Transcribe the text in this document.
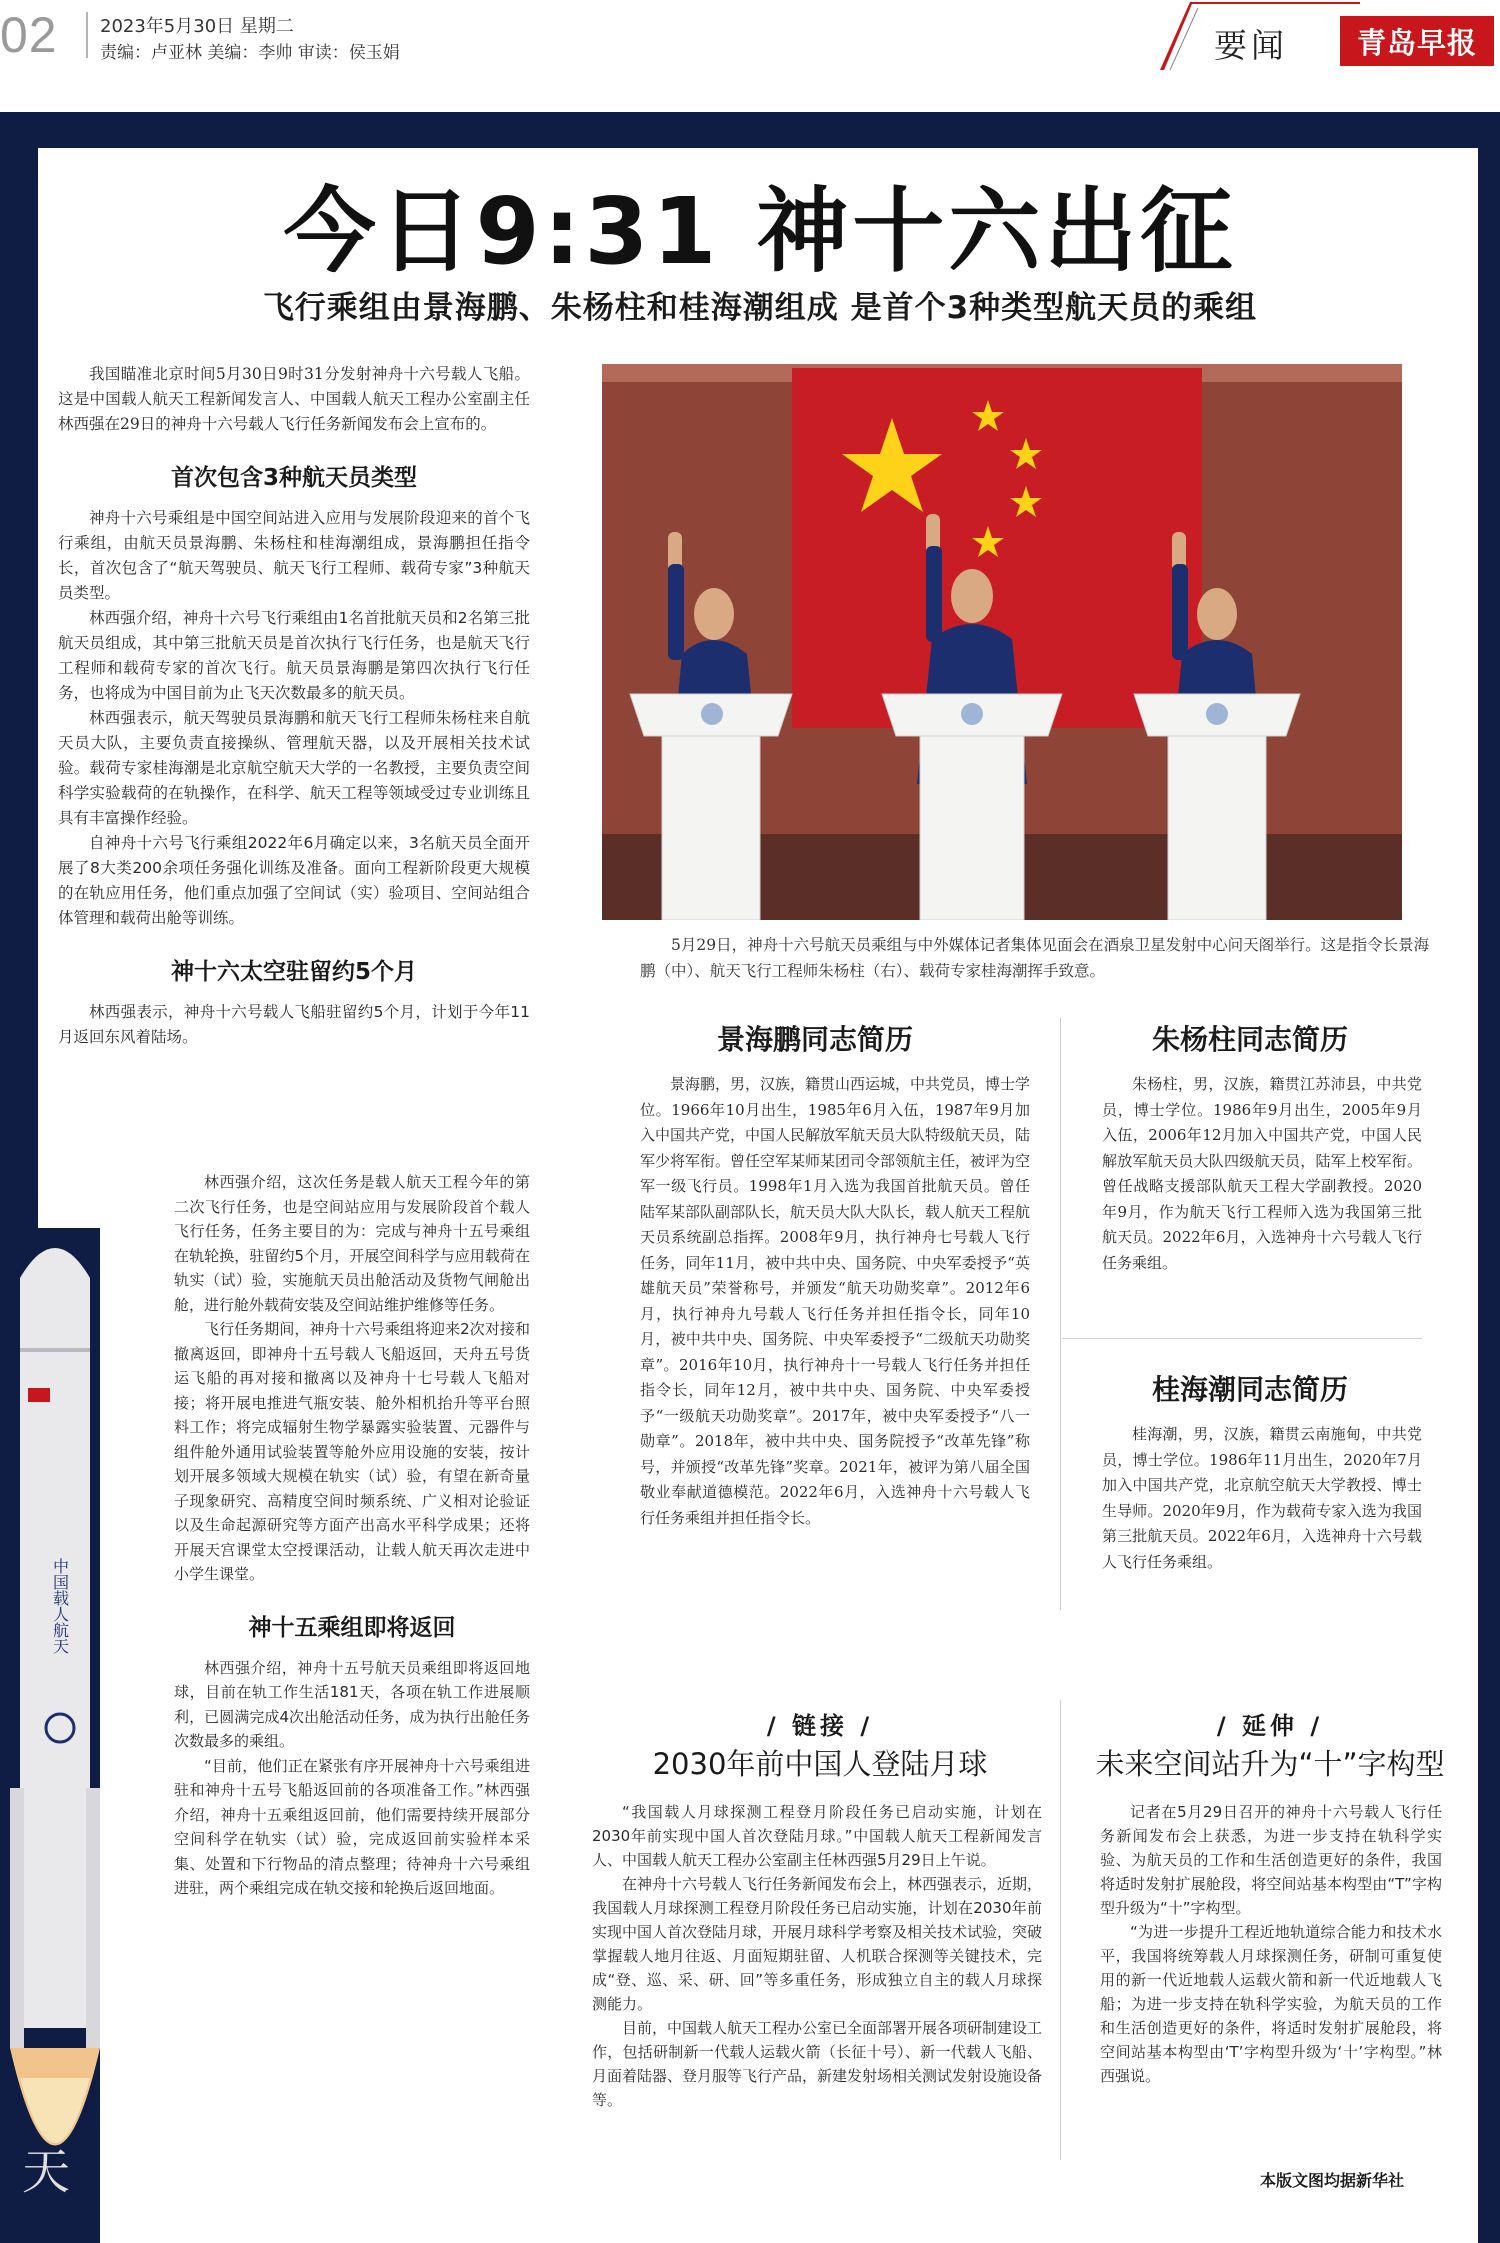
02 2023年5月30日 星期二
责编：卢亚林 美编：李帅 审读：侯玉娟	要闻	青岛早报
中国载人航天
天
今日9:31 神十六出征
飞行乘组由景海鹏、朱杨柱和桂海潮组成 是首个3种类型航天员的乘组

我国瞄准北京时间5月30日9时31分发射神舟十六号载人飞船。这是中国载人航天工程新闻发言人、中国载人航天工程办公室副主任林西强在29日的神舟十六号载人飞行任务新闻发布会上宣布的。

首次包含3种航天员类型

神舟十六号乘组是中国空间站进入应用与发展阶段迎来的首个飞行乘组，由航天员景海鹏、朱杨柱和桂海潮组成，景海鹏担任指令长，首次包含了“航天驾驶员、航天飞行工程师、载荷专家”3种航天员类型。

林西强介绍，神舟十六号飞行乘组由1名首批航天员和2名第三批航天员组成，其中第三批航天员是首次执行飞行任务，也是航天飞行工程师和载荷专家的首次飞行。航天员景海鹏是第四次执行飞行任务，也将成为中国目前为止飞天次数最多的航天员。

林西强表示，航天驾驶员景海鹏和航天飞行工程师朱杨柱来自航天员大队，主要负责直接操纵、管理航天器，以及开展相关技术试验。载荷专家桂海潮是北京航空航天大学的一名教授，主要负责空间科学实验载荷的在轨操作，在科学、航天工程等领域受过专业训练且具有丰富操作经验。

自神舟十六号飞行乘组2022年6月确定以来，3名航天员全面开展了8大类200余项任务强化训练及准备。面向工程新阶段更大规模的在轨应用任务，他们重点加强了空间试（实）验项目、空间站组合体管理和载荷出舱等训练。

神十六太空驻留约5个月

林西强表示，神舟十六号载人飞船驻留约5个月，计划于今年11月返回东风着陆场。

林西强介绍，这次任务是载人航天工程今年的第二次飞行任务，也是空间站应用与发展阶段首个载人飞行任务，任务主要目的为：完成与神舟十五号乘组在轨轮换，驻留约5个月，开展空间科学与应用载荷在轨实（试）验，实施航天员出舱活动及货物气闸舱出舱，进行舱外载荷安装及空间站维护维修等任务。

飞行任务期间，神舟十六号乘组将迎来2次对接和撤离返回，即神舟十五号载人飞船返回，天舟五号货运飞船的再对接和撤离以及神舟十七号载人飞船对接；将开展电推进气瓶安装、舱外相机抬升等平台照料工作；将完成辐射生物学暴露实验装置、元器件与组件舱外通用试验装置等舱外应用设施的安装，按计划开展多领域大规模在轨实（试）验，有望在新奇量子现象研究、高精度空间时频系统、广义相对论验证以及生命起源研究等方面产出高水平科学成果；还将开展天宫课堂太空授课活动，让载人航天再次走进中小学生课堂。

神十五乘组即将返回

林西强介绍，神舟十五号航天员乘组即将返回地球，目前在轨工作生活181天，各项在轨工作进展顺利，已圆满完成4次出舱活动任务，成为执行出舱任务次数最多的乘组。

“目前，他们正在紧张有序开展神舟十六号乘组进驻和神舟十五号飞船返回前的各项准备工作。”林西强介绍，神舟十五乘组返回前，他们需要持续开展部分空间科学在轨实（试）验，完成返回前实验样本采集、处置和下行物品的清点整理；待神舟十六号乘组进驻，两个乘组完成在轨交接和轮换后返回地面。

5月29日，神舟十六号航天员乘组与中外媒体记者集体见面会在酒泉卫星发射中心问天阁举行。这是指令长景海鹏（中）、航天飞行工程师朱杨柱（右）、载荷专家桂海潮挥手致意。
景海鹏同志简历

景海鹏，男，汉族，籍贯山西运城，中共党员，博士学位。1966年10月出生，1985年6月入伍，1987年9月加入中国共产党，中国人民解放军航天员大队特级航天员，陆军少将军衔。曾任空军某师某团司令部领航主任，被评为空军一级飞行员。1998年1月入选为我国首批航天员。曾任陆军某部队副部队长，航天员大队大队长，载人航天工程航天员系统副总指挥。2008年9月，执行神舟七号载人飞行任务，同年11月，被中共中央、国务院、中央军委授予“英雄航天员”荣誉称号，并颁发“航天功勋奖章”。2012年6月，执行神舟九号载人飞行任务并担任指令长，同年10月，被中共中央、国务院、中央军委授予“二级航天功勋奖章”。2016年10月，执行神舟十一号载人飞行任务并担任指令长，同年12月，被中共中央、国务院、中央军委授予“一级航天功勋奖章”。2017年，被中央军委授予“八一勋章”。2018年，被中共中央、国务院授予“改革先锋”称号，并颁授“改革先锋”奖章。2021年，被评为第八届全国敬业奉献道德模范。2022年6月，入选神舟十六号载人飞行任务乘组并担任指令长。

朱杨柱同志简历

朱杨柱，男，汉族，籍贯江苏沛县，中共党员，博士学位。1986年9月出生，2005年9月入伍，2006年12月加入中国共产党，中国人民解放军航天员大队四级航天员，陆军上校军衔。曾任战略支援部队航天工程大学副教授。2020年9月，作为航天飞行工程师入选为我国第三批航天员。2022年6月，入选神舟十六号载人飞行任务乘组。

桂海潮同志简历

桂海潮，男，汉族，籍贯云南施甸，中共党员，博士学位。1986年11月出生，2020年7月加入中国共产党，北京航空航天大学教授、博士生导师。2020年9月，作为载荷专家入选为我国第三批航天员。2022年6月，入选神舟十六号载人飞行任务乘组。

/ 链接 /
2030年前中国人登陆月球

“我国载人月球探测工程登月阶段任务已启动实施，计划在2030年前实现中国人首次登陆月球。”中国载人航天工程新闻发言人、中国载人航天工程办公室副主任林西强5月29日上午说。

在神舟十六号载人飞行任务新闻发布会上，林西强表示，近期，我国载人月球探测工程登月阶段任务已启动实施，计划在2030年前实现中国人首次登陆月球，开展月球科学考察及相关技术试验，突破掌握载人地月往返、月面短期驻留、人机联合探测等关键技术，完成“登、巡、采、研、回”等多重任务，形成独立自主的载人月球探测能力。

目前，中国载人航天工程办公室已全面部署开展各项研制建设工作，包括研制新一代载人运载火箭（长征十号）、新一代载人飞船、月面着陆器、登月服等飞行产品，新建发射场相关测试发射设施设备等。

/ 延伸 /
未来空间站升为“十”字构型

记者在5月29日召开的神舟十六号载人飞行任务新闻发布会上获悉，为进一步支持在轨科学实验、为航天员的工作和生活创造更好的条件，我国将适时发射扩展舱段，将空间站基本构型由“T”字构型升级为“十”字构型。

“为进一步提升工程近地轨道综合能力和技术水平，我国将统筹载人月球探测任务，研制可重复使用的新一代近地载人运载火箭和新一代近地载人飞船；为进一步支持在轨科学实验，为航天员的工作和生活创造更好的条件，将适时发射扩展舱段，将空间站基本构型由‘T’字构型升级为‘十’字构型。”林西强说。

本版文图均据新华社
